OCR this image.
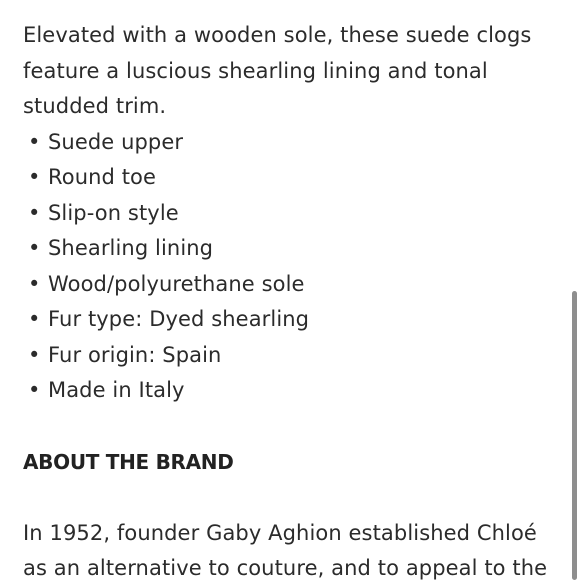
Elevated with a wooden sole, these suede clogs feature a luscious shearling lining and tonal studded trim.

• Suede upper
• Round toe
• Slip-on style
• Shearling lining
• Wood/polyurethane sole
• Fur type: Dyed shearling
• Fur origin: Spain
• Made in Italy
ABOUT THE BRAND

In 1952, founder Gaby Aghion established Chloé as an alternative to couture, and to appeal to the
